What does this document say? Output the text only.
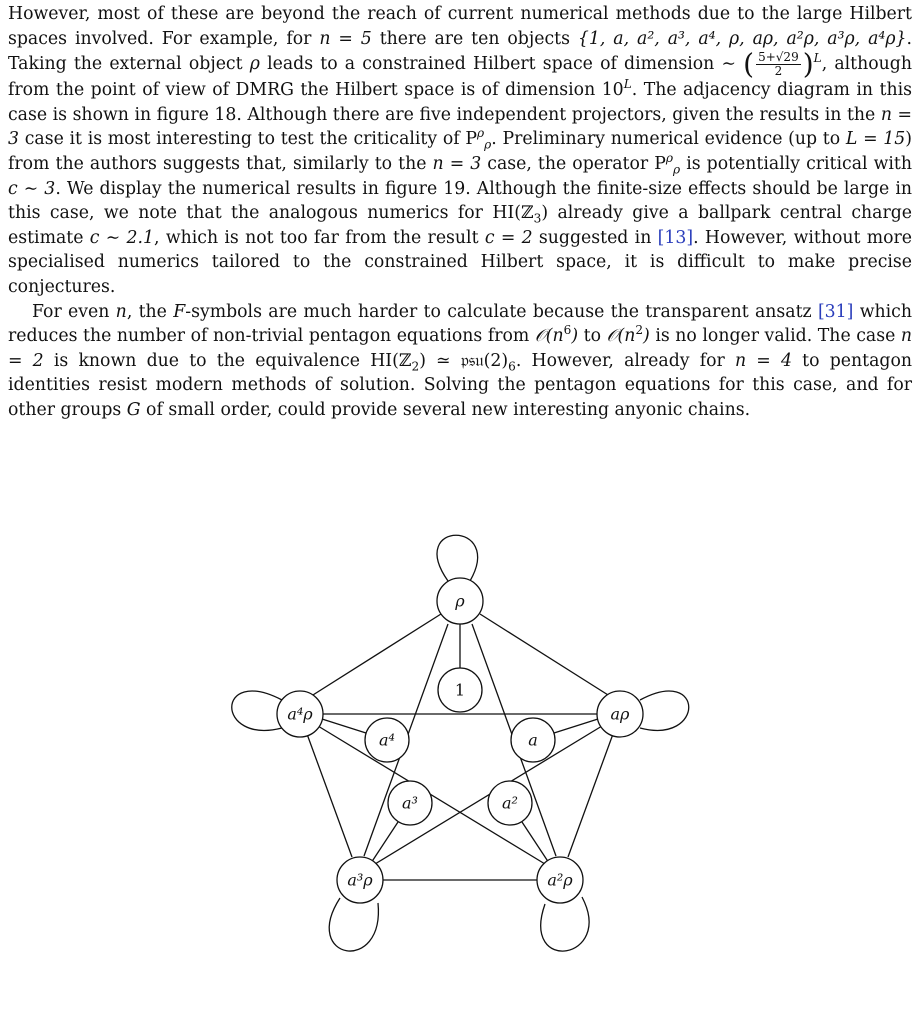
However, most of these are beyond the reach of current numerical methods due to the large Hilbert spaces involved. For example, for n = 5 there are ten objects {1, a, a², a³, a⁴, ρ, aρ, a²ρ, a³ρ, a⁴ρ}. Taking the external object ρ leads to a constrained Hilbert space of dimension ∼ ( $\frac{5+√29}{2} )^L$, although from the point of view of DMRG the Hilbert space is of dimension $10^L$. The adjacency diagram in this case is shown in figure 18. Although there are five independent projectors, given the results in the n = 3 case it is most interesting to test the criticality of $P^\rho_\rho$. Preliminary numerical evidence (up to L = 15) from the authors suggests that, similarly to the n = 3 case, the operator $P^\rho_\rho$ is potentially critical with c ∼ 3. We display the numerical results in figure 19. Although the finite-size effects should be large in this case, we note that the analogous numerics for HI(ℤ$_3$) already give a ballpark central charge estimate c ∼ 2.1, which is not too far from the result c = 2 suggested in [13]. However, without more specialised numerics tailored to the constrained Hilbert space, it is difficult to make precise conjectures.

For even n, the F-symbols are much harder to calculate because the transparent ansatz [31] which reduces the number of non-trivial pentagon equations from $𝒪(n^6)$ to $𝒪(n^2)$ is no longer valid. The case n = 2 is known due to the equivalence HI(ℤ$_2$) ≃ $𝔭𝔰𝔲(2)_6$. However, already for n = 4 to pentagon identities resist modern methods of solution. Solving the pentagon equations for this case, and for other groups G of small order, could provide several new interesting anyonic chains.

ρ
aρ
a²ρ
a³ρ
a⁴ρ
1
a
a²
a³
a⁴
